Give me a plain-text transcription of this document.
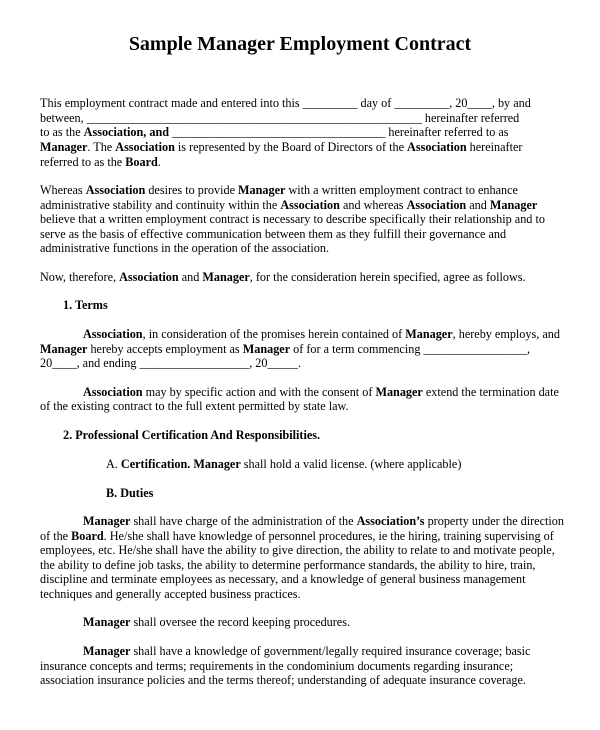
Sample Manager Employment Contract
This employment contract made and entered into this _________ day of _________, 20____, by and
between, _______________________________________________________ hereinafter referred
to as the Association, and ___________________________________ hereinafter referred to as
Manager. The Association is represented by the Board of Directors of the Association hereinafter
referred to as the Board.
Whereas Association desires to provide Manager with a written employment contract to enhance
administrative stability and continuity within the Association and whereas Association and Manager
believe that a written employment contract is necessary to describe specifically their relationship and to
serve as the basis of effective communication between them as they fulfill their governance and
administrative functions in the operation of the association.
Now, therefore, Association and Manager, for the consideration herein specified, agree as follows.
1. Terms
Association, in consideration of the promises herein contained of Manager, hereby employs, and
Manager hereby accepts employment as Manager of for a term commencing _________________,
20____, and ending __________________, 20_____.
Association may by specific action and with the consent of Manager extend the termination date
of the existing contract to the full extent permitted by state law.
2. Professional Certification And Responsibilities.
A. Certification. Manager shall hold a valid license. (where applicable)
B. Duties
Manager shall have charge of the administration of the Association’s property under the direction
of the Board. He/she shall have knowledge of personnel procedures, ie the hiring, training supervising of
employees, etc. He/she shall have the ability to give direction, the ability to relate to and motivate people,
the ability to define job tasks, the ability to determine performance standards, the ability to hire, train,
discipline and terminate employees as necessary, and a knowledge of general business management
techniques and generally accepted business practices.
Manager shall oversee the record keeping procedures.
Manager shall have a knowledge of government/legally required insurance coverage; basic
insurance concepts and terms; requirements in the condominium documents regarding insurance;
association insurance policies and the terms thereof; understanding of adequate insurance coverage.
